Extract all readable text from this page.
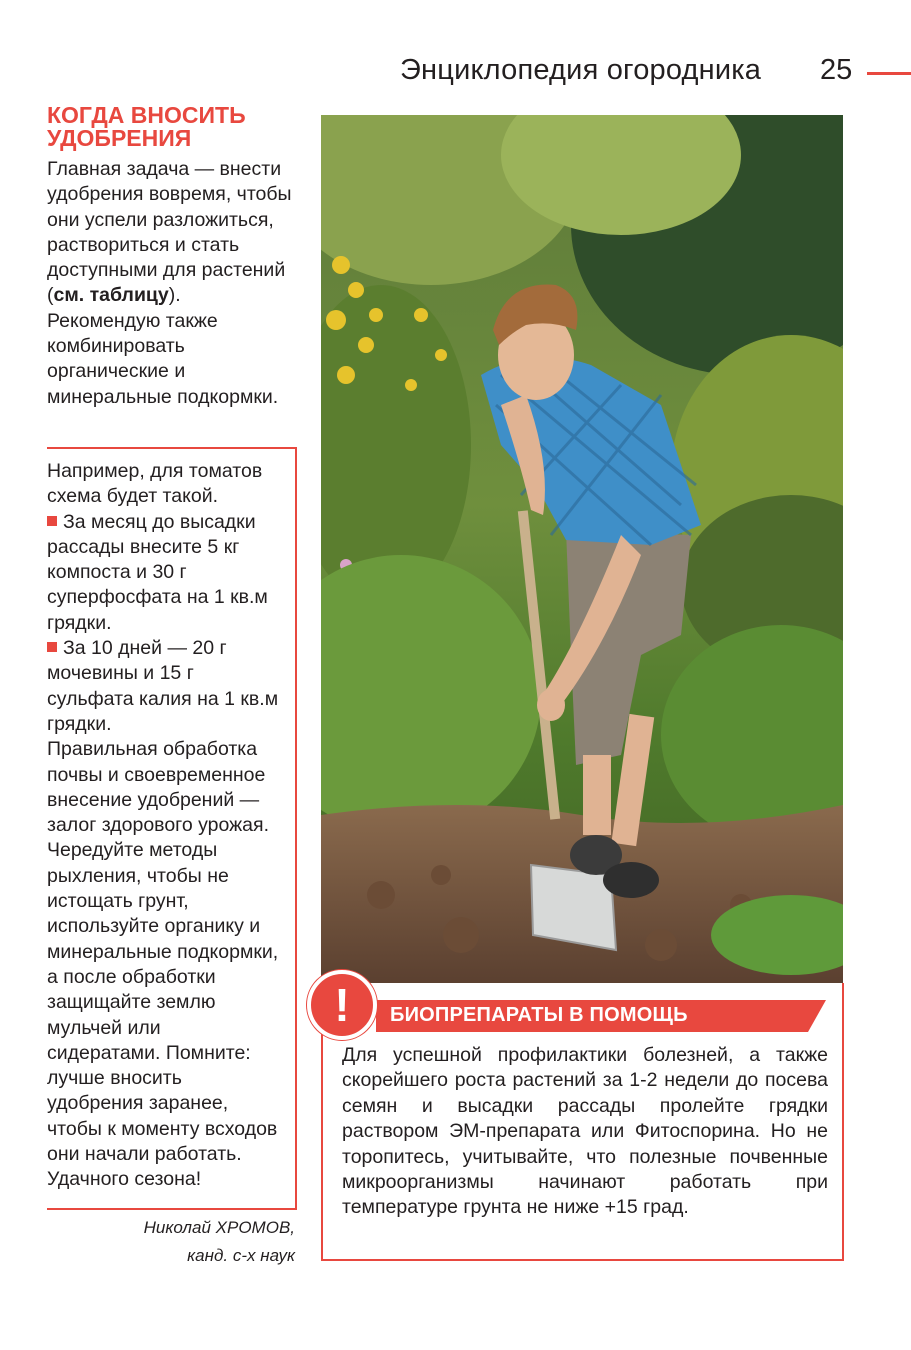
Энциклопедия огородника 25
КОГДА ВНОСИТЬ
УДОБРЕНИЯ

Главная задача — внести удобрения вовремя, чтобы они успели разложиться, раствориться и стать доступными для растений (см. таблицу).

Рекомендую также комбинировать органические и минеральные подкормки.

Например, для томатов схема будет такой.

За месяц до высадки рассады внесите 5 кг компоста и 30 г суперфосфата на 1 кв.м грядки.

За 10 дней — 20 г мочевины и 15 г сульфата калия на 1 кв.м грядки.

Правильная обработка почвы и своевременное внесение удобрений — залог здорового урожая. Чередуйте методы рыхления, чтобы не истощать грунт, используйте органику и минеральные подкормки, а после обработки защищайте землю мульчей или сидератами. Помните: лучше вносить удобрения заранее, чтобы к моменту всходов они начали работать. Удачного сезона!

Николай ХРОМОВ,
канд. с-х наук
БИОПРЕПАРАТЫ В ПОМОЩЬ
!
Для успешной профилактики болезней, а также скорейшего роста растений за 1-2 недели до посева семян и высадки рассады пролейте грядки раствором ЭМ-препарата или Фитоспорина. Но не торопитесь, учитывайте, что полезные почвенные микроорганизмы начинают работать при температуре грунта не ниже +15 град.
